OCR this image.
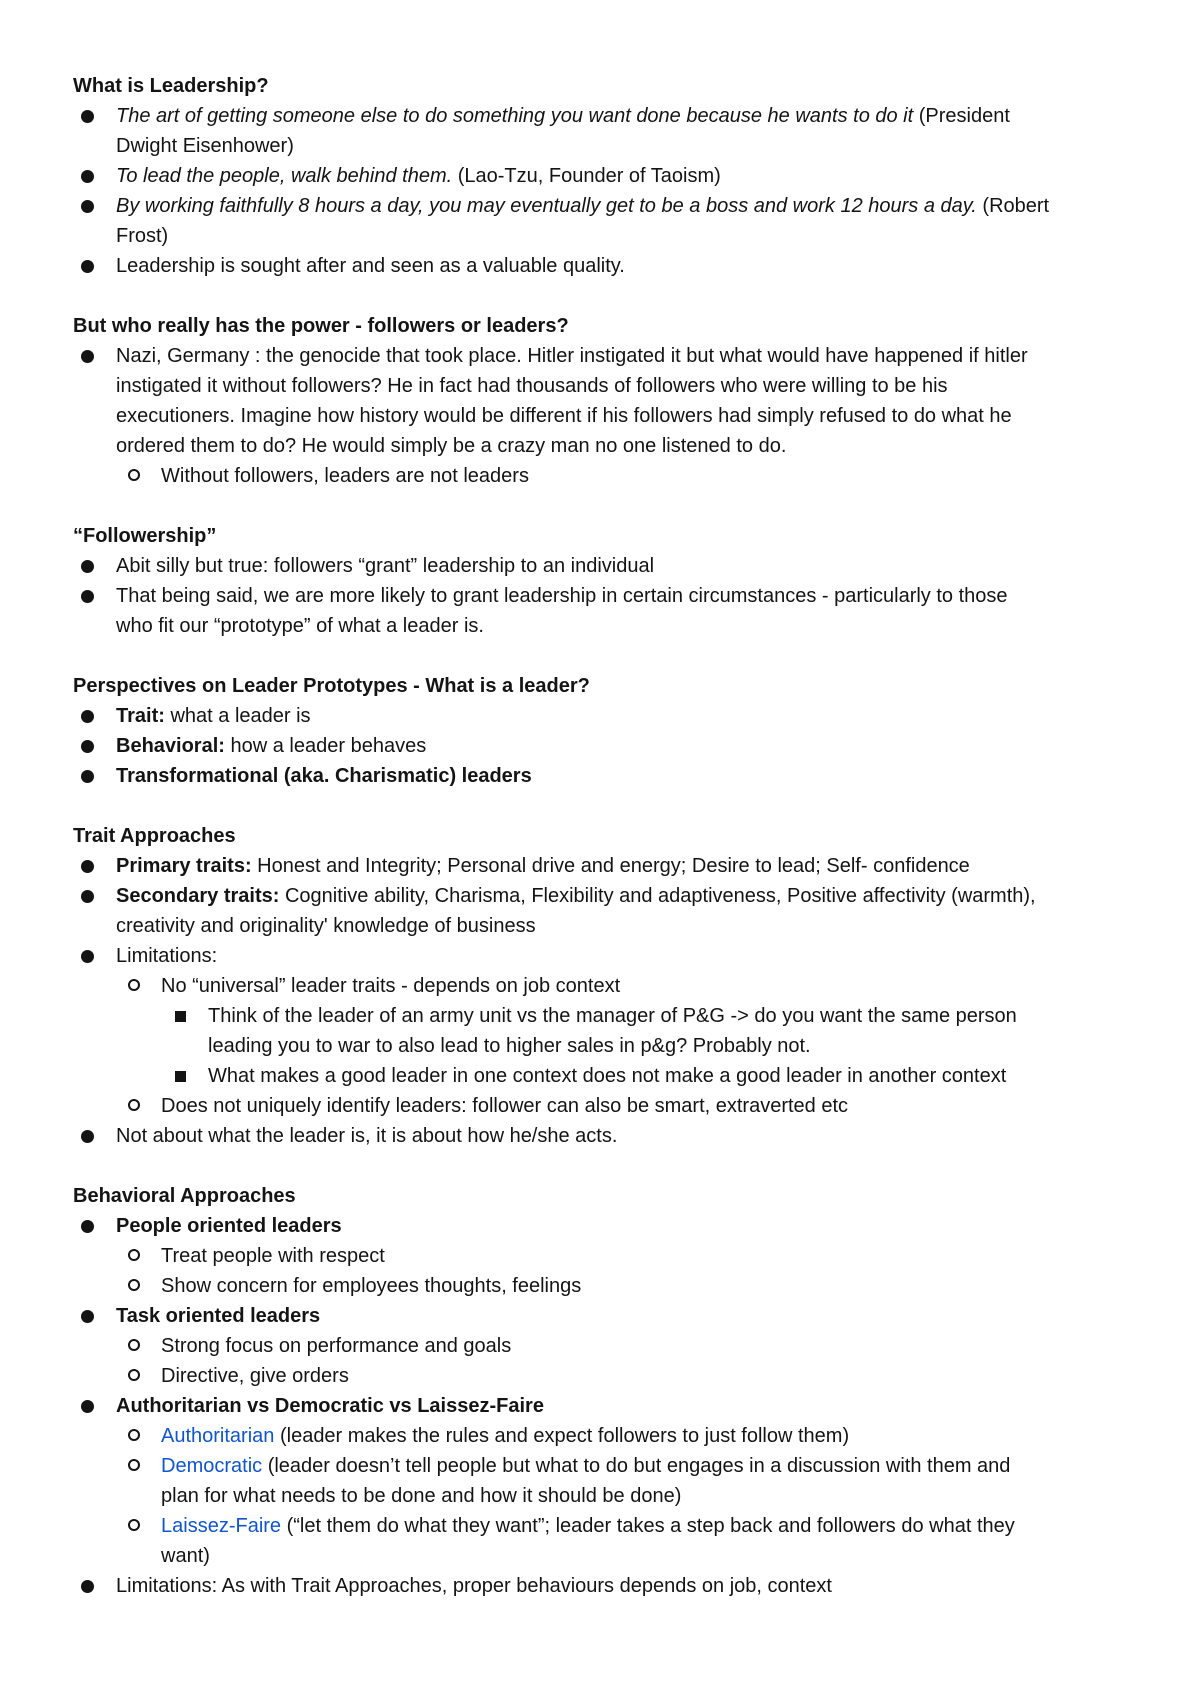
What is Leadership?
The art of getting someone else to do something you want done because he wants to do it (President
Dwight Eisenhower)
To lead the people, walk behind them. (Lao-Tzu, Founder of Taoism)
By working faithfully 8 hours a day, you may eventually get to be a boss and work 12 hours a day. (Robert
Frost)
Leadership is sought after and seen as a valuable quality.
But who really has the power - followers or leaders?
Nazi, Germany : the genocide that took place. Hitler instigated it but what would have happened if hitler
instigated it without followers? He in fact had thousands of followers who were willing to be his
executioners. Imagine how history would be different if his followers had simply refused to do what he
ordered them to do? He would simply be a crazy man no one listened to do.
Without followers, leaders are not leaders
“Followership”
Abit silly but true: followers “grant” leadership to an individual
That being said, we are more likely to grant leadership in certain circumstances - particularly to those
who fit our “prototype” of what a leader is.
Perspectives on Leader Prototypes - What is a leader?
Trait: what a leader is
Behavioral: how a leader behaves
Transformational (aka. Charismatic) leaders
Trait Approaches
Primary traits: Honest and Integrity; Personal drive and energy; Desire to lead; Self- confidence
Secondary traits: Cognitive ability, Charisma, Flexibility and adaptiveness, Positive affectivity (warmth),
creativity and originality' knowledge of business
Limitations:
No “universal” leader traits - depends on job context
Think of the leader of an army unit vs the manager of P&G -> do you want the same person
leading you to war to also lead to higher sales in p&g? Probably not.
What makes a good leader in one context does not make a good leader in another context
Does not uniquely identify leaders: follower can also be smart, extraverted etc
Not about what the leader is, it is about how he/she acts.
Behavioral Approaches
People oriented leaders
Treat people with respect
Show concern for employees thoughts, feelings
Task oriented leaders
Strong focus on performance and goals
Directive, give orders
Authoritarian vs Democratic vs Laissez-Faire
Authoritarian (leader makes the rules and expect followers to just follow them)
Democratic (leader doesn’t tell people but what to do but engages in a discussion with them and
plan for what needs to be done and how it should be done)
Laissez-Faire (“let them do what they want”; leader takes a step back and followers do what they
want)
Limitations: As with Trait Approaches, proper behaviours depends on job, context
